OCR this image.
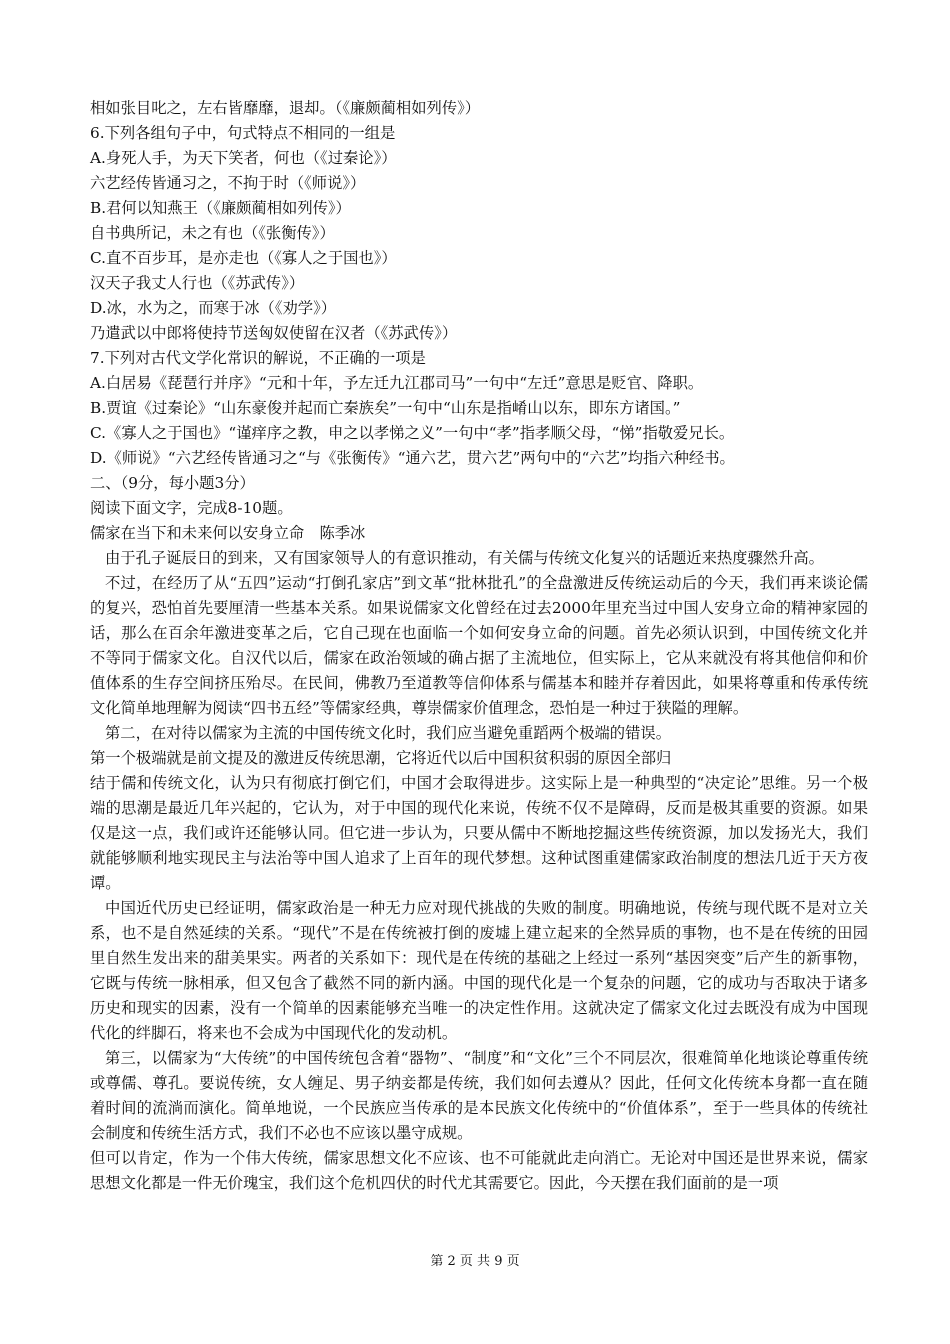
相如张目叱之，左右皆靡靡，退却。（《廉颇蔺相如列传》）

6.下列各组句子中，句式特点不相同的一组是

A.身死人手，为天下笑者，何也（《过秦论》）

六艺经传皆通习之，不拘于时（《师说》）

B.君何以知燕王（《廉颇蔺相如列传》）

自书典所记，未之有也（《张衡传》）

C.直不百步耳，是亦走也（《寡人之于国也》）

汉天子我丈人行也（《苏武传》）

D.冰，水为之，而寒于冰（《劝学》）

乃遣武以中郎将使持节送匈奴使留在汉者（《苏武传》）

7.下列对古代文学化常识的解说，不正确的一项是

A.白居易《琵琶行并序》“元和十年，予左迁九江郡司马”一句中“左迁”意思是贬官、降职。

B.贾谊《过秦论》“山东豪俊并起而亡秦族矣”一句中“山东是指崤山以东，即东方诸国。”

C.《寡人之于国也》“谨痒序之教，申之以孝悌之义”一句中“孝”指孝顺父母，“悌”指敬爱兄长。

D.《师说》“六艺经传皆通习之“与《张衡传》“通六艺，贯六艺”两句中的“六艺”均指六种经书。

二、（9分，每小题3分）

阅读下面文字，完成8-10题。

儒家在当下和未来何以安身立命　陈季冰

由于孔子诞辰日的到来，又有国家领导人的有意识推动，有关儒与传统文化复兴的话题近来热度骤然升高。

不过，在经历了从“五四”运动“打倒孔家店”到文革“批林批孔”的全盘激进反传统运动后的今天，我们再来谈论儒的复兴，恐怕首先要厘清一些基本关系。如果说儒家文化曾经在过去2000年里充当过中国人安身立命的精神家园的话，那么在百余年激进变革之后，它自己现在也面临一个如何安身立命的问题。首先必须认识到，中国传统文化并不等同于儒家文化。自汉代以后，儒家在政治领域的确占据了主流地位，但实际上，它从来就没有将其他信仰和价值体系的生存空间挤压殆尽。在民间，佛教乃至道教等信仰体系与儒基本和睦并存着因此，如果将尊重和传承传统文化简单地理解为阅读“四书五经”等儒家经典，尊崇儒家价值理念，恐怕是一种过于狭隘的理解。

第二，在对待以儒家为主流的中国传统文化时，我们应当避免重蹈两个极端的错误。

第一个极端就是前文提及的激进反传统思潮，它将近代以后中国积贫积弱的原因全部归

结于儒和传统文化，认为只有彻底打倒它们，中国才会取得进步。这实际上是一种典型的“决定论”思维。另一个极端的思潮是最近几年兴起的，它认为，对于中国的现代化来说，传统不仅不是障碍，反而是极其重要的资源。如果仅是这一点，我们或许还能够认同。但它进一步认为，只要从儒中不断地挖掘这些传统资源，加以发扬光大，我们就能够顺利地实现民主与法治等中国人追求了上百年的现代梦想。这种试图重建儒家政治制度的想法几近于天方夜谭。

中国近代历史已经证明，儒家政治是一种无力应对现代挑战的失败的制度。明确地说，传统与现代既不是对立关系，也不是自然延续的关系。“现代”不是在传统被打倒的废墟上建立起来的全然异质的事物，也不是在传统的田园里自然生发出来的甜美果实。两者的关系如下：现代是在传统的基础之上经过一系列“基因突变”后产生的新事物，它既与传统一脉相承，但又包含了截然不同的新内涵。中国的现代化是一个复杂的问题，它的成功与否取决于诸多历史和现实的因素，没有一个简单的因素能够充当唯一的决定性作用。这就决定了儒家文化过去既没有成为中国现代化的绊脚石，将来也不会成为中国现代化的发动机。

第三，以儒家为“大传统”的中国传统包含着“器物”、“制度”和“文化”三个不同层次，很难简单化地谈论尊重传统或尊儒、尊孔。要说传统，女人缠足、男子纳妾都是传统，我们如何去遵从？因此，任何文化传统本身都一直在随着时间的流淌而演化。简单地说，一个民族应当传承的是本民族文化传统中的“价值体系”，至于一些具体的传统社会制度和传统生活方式，我们不必也不应该以墨守成规。

但可以肯定，作为一个伟大传统，儒家思想文化不应该、也不可能就此走向消亡。无论对中国还是世界来说，儒家思想文化都是一件无价瑰宝，我们这个危机四伏的时代尤其需要它。因此，今天摆在我们面前的是一项

第 2 页 共 9 页
